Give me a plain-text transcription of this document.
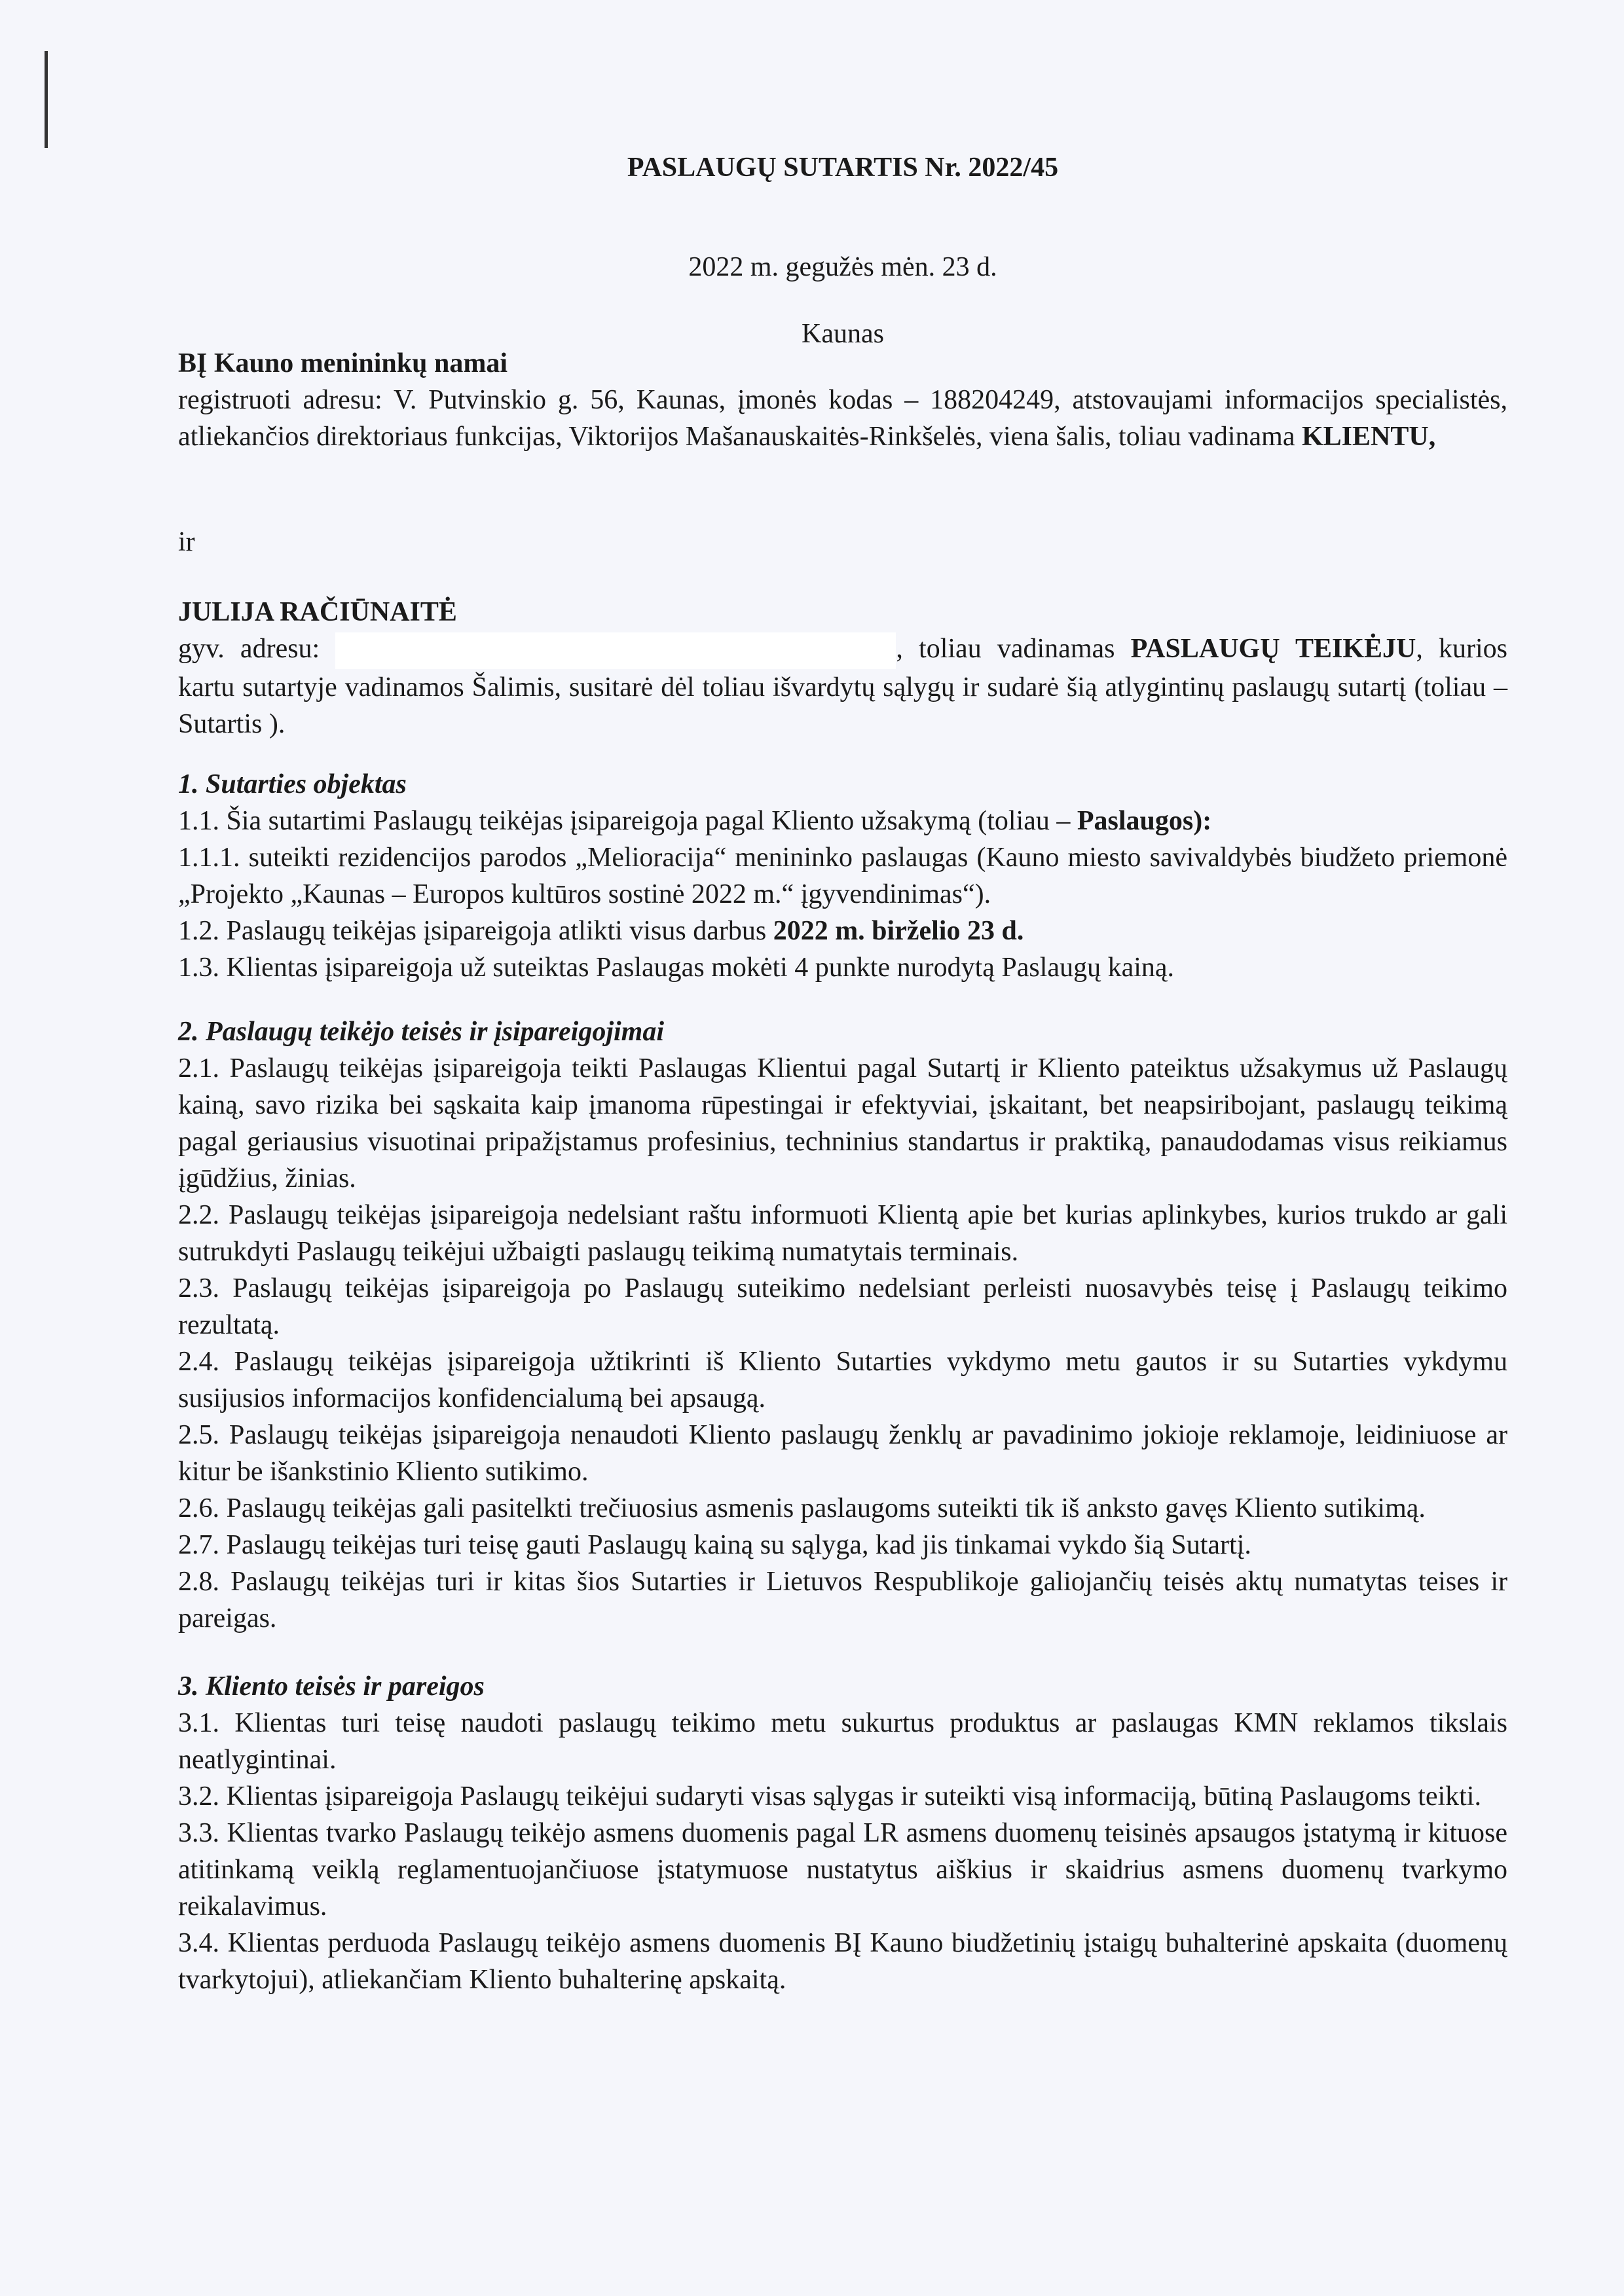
PASLAUGŲ SUTARTIS Nr. 2022/45
2022 m. gegužės mėn. 23 d.
Kaunas

BĮ Kauno menininkų namai

registruoti adresu: V. Putvinskio g. 56, Kaunas, įmonės kodas – 188204249, atstovaujami informacijos specialistės, atliekančios direktoriaus funkcijas, Viktorijos Mašanauskaitės-Rinkšelės, viena šalis, toliau vadinama KLIENTU,

ir

JULIJA RAČIŪNAITĖ

gyv. adresu:	, toliau vadinamas PASLAUGŲ TEIKĖJU, kurios kartu sutartyje vadinamos Šalimis, susitarė dėl toliau išvardytų sąlygų ir sudarė šią atlygintinų paslaugų sutartį (toliau – Sutartis ).

1. Sutarties objektas

1.1. Šia sutartimi Paslaugų teikėjas įsipareigoja pagal Kliento užsakymą (toliau – Paslaugos):

1.1.1. suteikti rezidencijos parodos „Melioracija“ menininko paslaugas (Kauno miesto savivaldybės biudžeto priemonė „Projekto „Kaunas – Europos kultūros sostinė 2022 m.“ įgyvendinimas“).

1.2. Paslaugų teikėjas įsipareigoja atlikti visus darbus 2022 m. birželio 23 d.

1.3. Klientas įsipareigoja už suteiktas Paslaugas mokėti 4 punkte nurodytą Paslaugų kainą.

2. Paslaugų teikėjo teisės ir įsipareigojimai

2.1. Paslaugų teikėjas įsipareigoja teikti Paslaugas Klientui pagal Sutartį ir Kliento pateiktus užsakymus už Paslaugų kainą, savo rizika bei sąskaita kaip įmanoma rūpestingai ir efektyviai, įskaitant, bet neapsiribojant, paslaugų teikimą pagal geriausius visuotinai pripažįstamus profesinius, techninius standartus ir praktiką, panaudodamas visus reikiamus įgūdžius, žinias.

2.2. Paslaugų teikėjas įsipareigoja nedelsiant raštu informuoti Klientą apie bet kurias aplinkybes, kurios trukdo ar gali sutrukdyti Paslaugų teikėjui užbaigti paslaugų teikimą numatytais terminais.

2.3. Paslaugų teikėjas įsipareigoja po Paslaugų suteikimo nedelsiant perleisti nuosavybės teisę į Paslaugų teikimo rezultatą.

2.4. Paslaugų teikėjas įsipareigoja užtikrinti iš Kliento Sutarties vykdymo metu gautos ir su Sutarties vykdymu susijusios informacijos konfidencialumą bei apsaugą.

2.5. Paslaugų teikėjas įsipareigoja nenaudoti Kliento paslaugų ženklų ar pavadinimo jokioje reklamoje, leidiniuose ar kitur be išankstinio Kliento sutikimo.

2.6. Paslaugų teikėjas gali pasitelkti trečiuosius asmenis paslaugoms suteikti tik iš anksto gavęs Kliento sutikimą.

2.7. Paslaugų teikėjas turi teisę gauti Paslaugų kainą su sąlyga, kad jis tinkamai vykdo šią Sutartį.

2.8. Paslaugų teikėjas turi ir kitas šios Sutarties ir Lietuvos Respublikoje galiojančių teisės aktų numatytas teises ir pareigas.

3. Kliento teisės ir pareigos

3.1. Klientas turi teisę naudoti paslaugų teikimo metu sukurtus produktus ar paslaugas KMN reklamos tikslais neatlygintinai.

3.2. Klientas įsipareigoja Paslaugų teikėjui sudaryti visas sąlygas ir suteikti visą informaciją, būtiną Paslaugoms teikti.

3.3. Klientas tvarko Paslaugų teikėjo asmens duomenis pagal LR asmens duomenų teisinės apsaugos įstatymą ir kituose atitinkamą veiklą reglamentuojančiuose įstatymuose nustatytus aiškius ir skaidrius asmens duomenų tvarkymo reikalavimus.

3.4. Klientas perduoda Paslaugų teikėjo asmens duomenis BĮ Kauno biudžetinių įstaigų buhalterinė apskaita (duomenų tvarkytojui), atliekančiam Kliento buhalterinę apskaitą.
